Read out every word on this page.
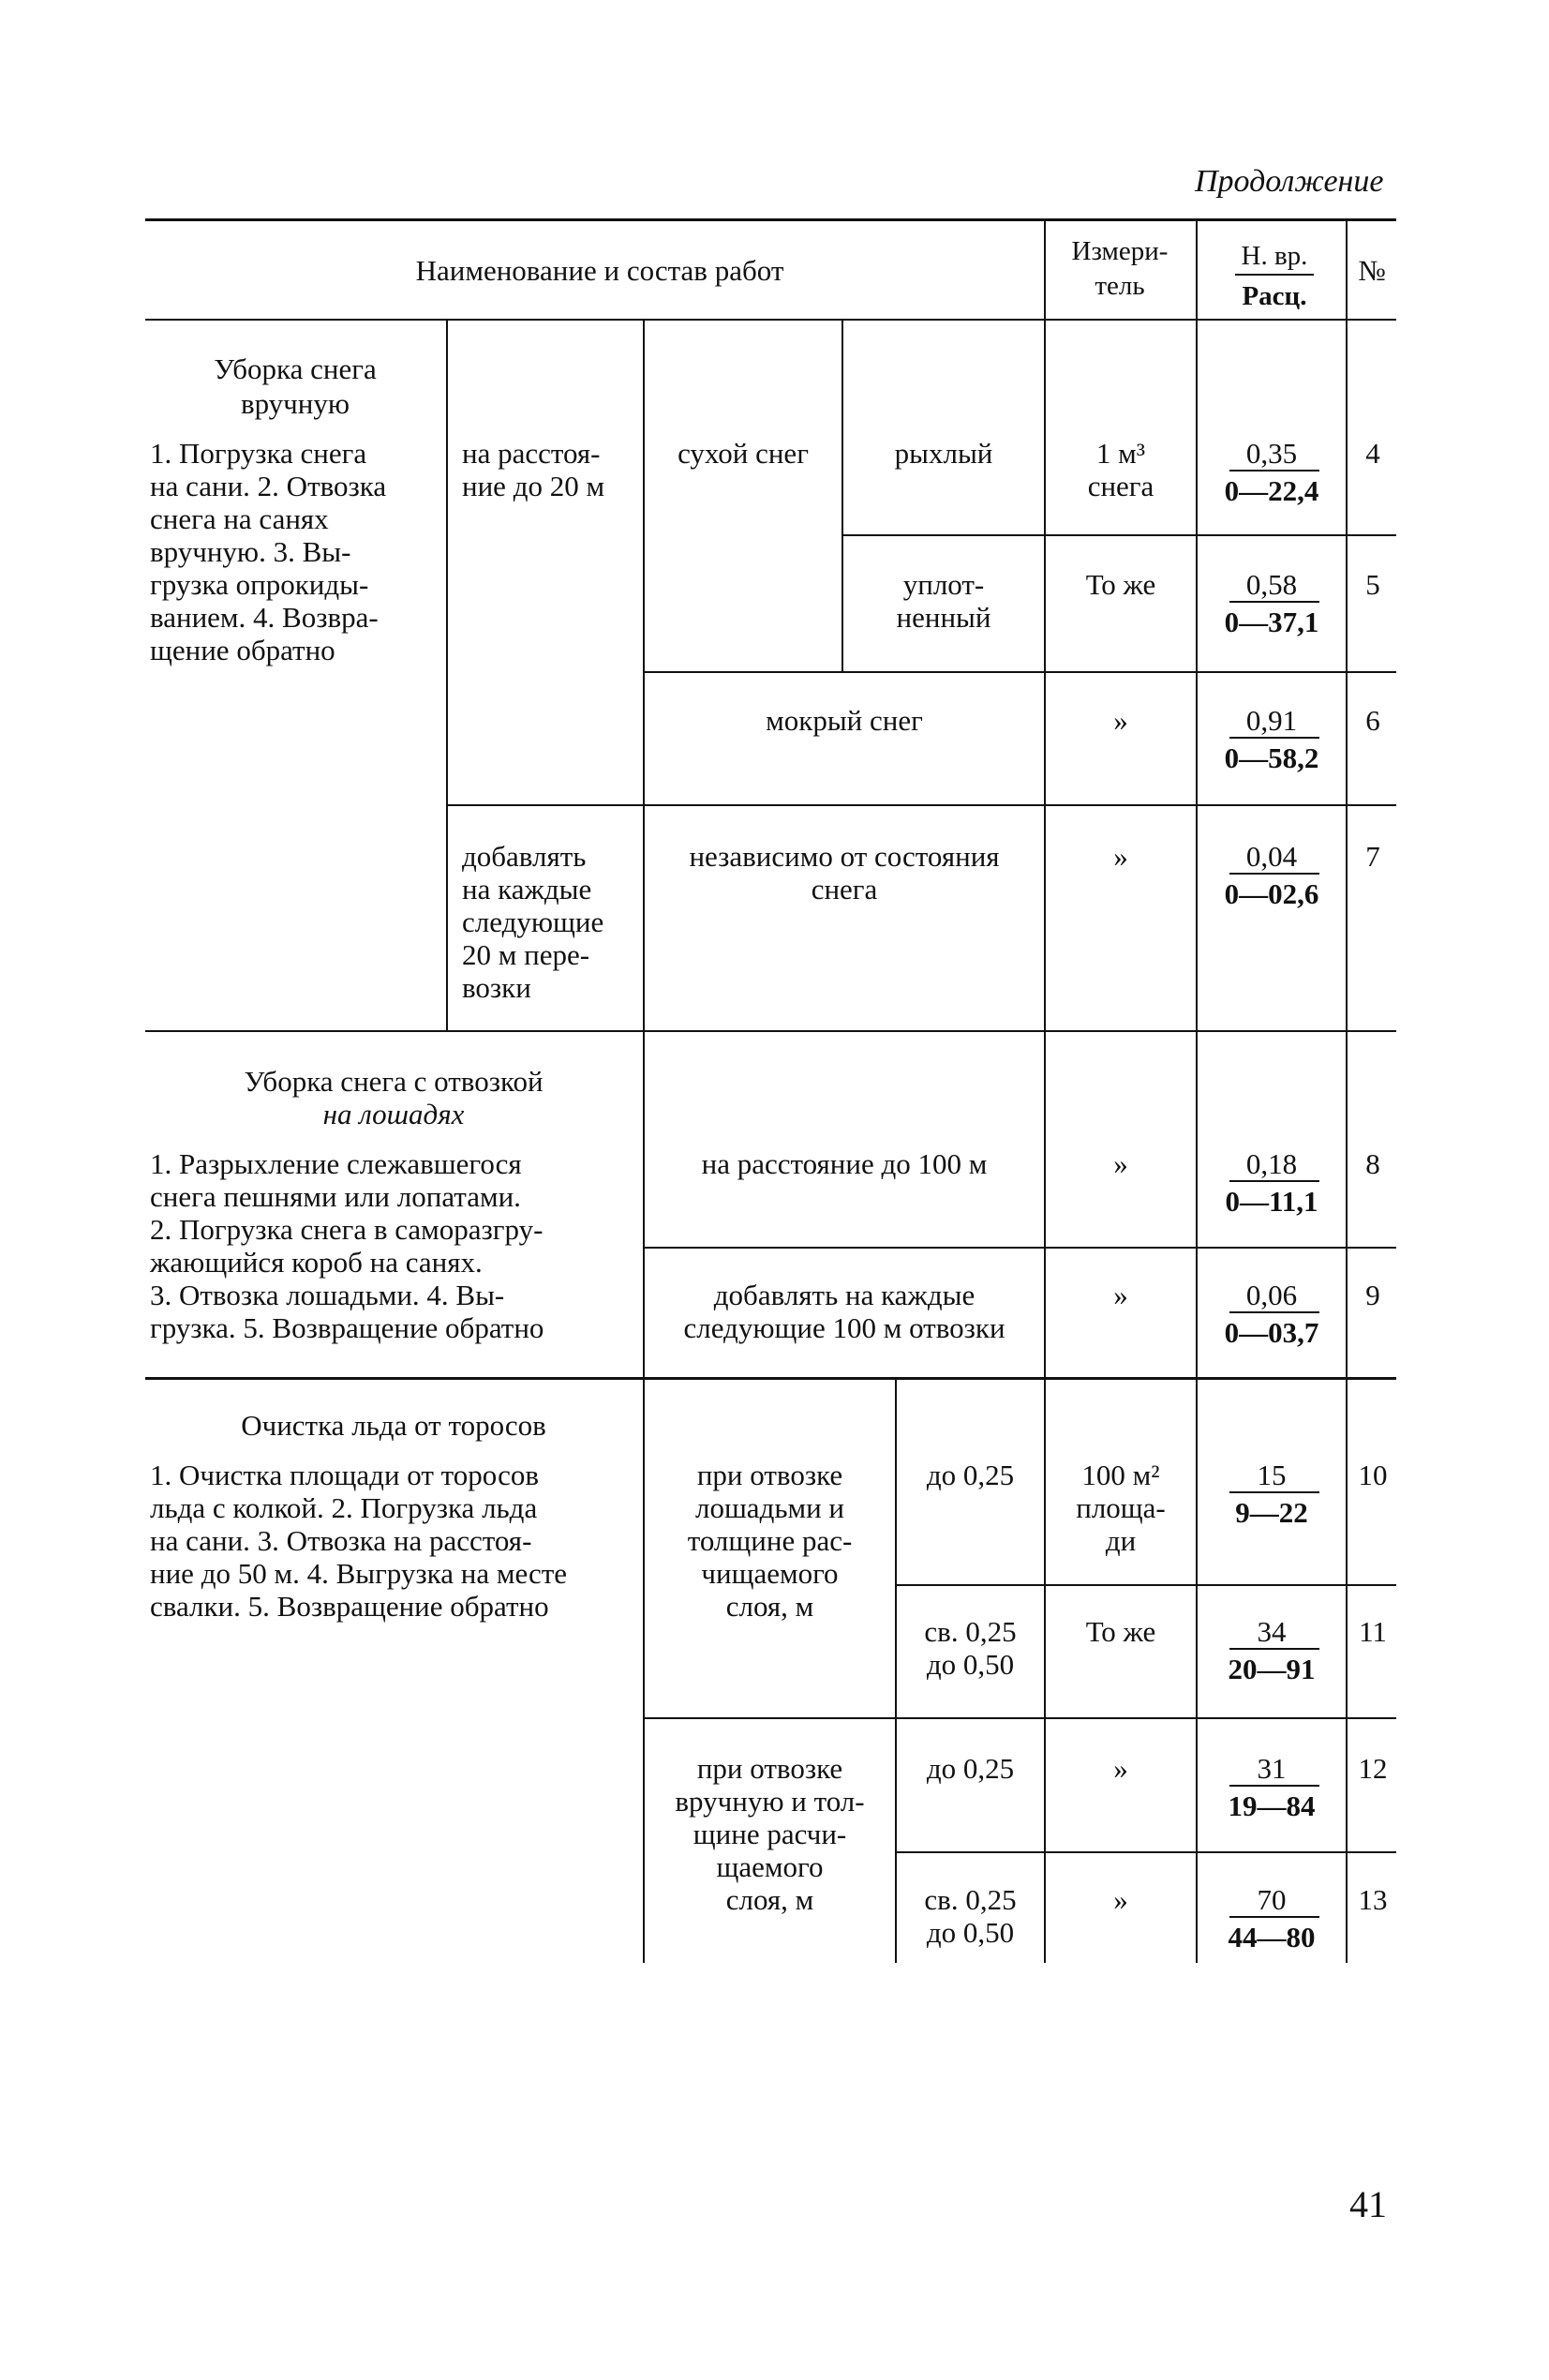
Продолжение
Наименование и состав работ
Измери-
тель
Н. вр.
Расц.
№
Уборка снега
вручную
1. Погрузка снега
на сани. 2. Отвозка
снега на санях
вручную. 3. Вы-
грузка опрокиды-
ванием. 4. Возвра-
щение обратно
на расстоя-
ние до 20 м
сухой снег	рыхлый
уплот-
ненный
мокрый снег
добавлять
на каждые
следующие
20 м пере-
возки
независимо от состояния
снега
1 м³
снега
То же
»
»
Уборка снега с отвозкой
на лошадях
1. Разрыхление слежавшегося
снега пешнями или лопатами.
2. Погрузка снега в саморазгру-
жающийся короб на санях.
3. Отвозка лошадьми. 4. Вы-
грузка. 5. Возвращение обратно
на расстояние до 100 м
добавлять на каждые
следующие 100 м отвозки
»
»
Очистка льда от торосов
1. Очистка площади от торосов
льда с колкой. 2. Погрузка льда
на сани. 3. Отвозка на расстоя-
ние до 50 м. 4. Выгрузка на месте
свалки. 5. Возвращение обратно
при отвозке
лошадьми и
толщине рас-
чищаемого
слоя, м
при отвозке
вручную и тол-
щине расчи-
щаемого
слоя, м
до 0,25
св. 0,25
до 0,50
до 0,25
св. 0,25
до 0,50
100 м²
площа-
ди
То же
»
»
0,35
0—22,4
4
0,58
0—37,1
5
0,91
0—58,2
6
0,04
0—02,6
7
0,18
0—11,1
8
0,06
0—03,7
9
15
9—22
10
34
20—91
11
31
19—84
12
70
44—80
13
41
